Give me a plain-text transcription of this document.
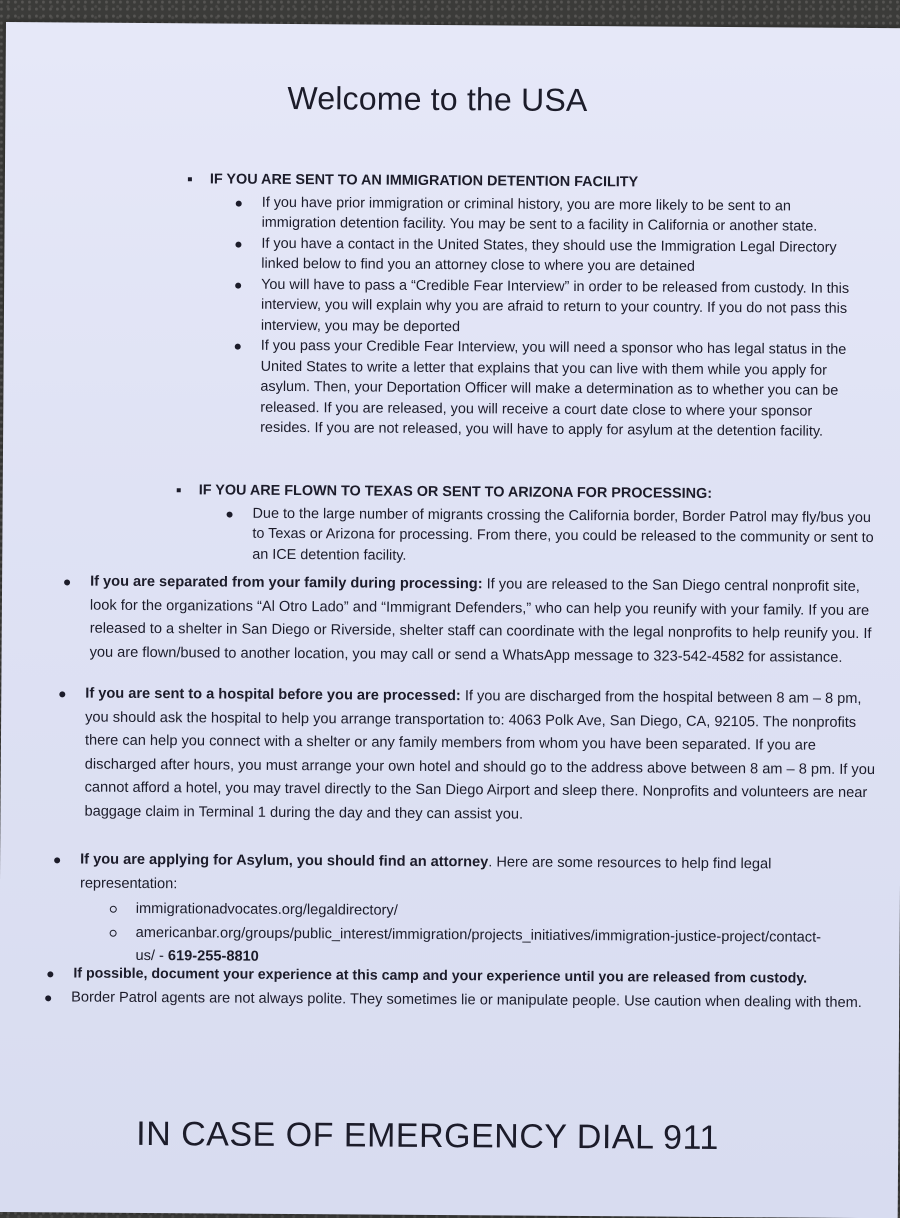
Welcome to the USA
IF YOU ARE SENT TO AN IMMIGRATION DETENTION FACILITY
If you have prior immigration or criminal history, you are more likely to be sent to an immigration detention facility. You may be sent to a facility in California or another state.
If you have a contact in the United States, they should use the Immigration Legal Directory linked below to find you an attorney close to where you are detained
You will have to pass a “Credible Fear Interview” in order to be released from custody. In this interview, you will explain why you are afraid to return to your country. If you do not pass this interview, you may be deported
If you pass your Credible Fear Interview, you will need a sponsor who has legal status in the United States to write a letter that explains that you can live with them while you apply for asylum. Then, your Deportation Officer will make a determination as to whether you can be released. If you are released, you will receive a court date close to where your sponsor resides. If you are not released, you will have to apply for asylum at the detention facility.
IF YOU ARE FLOWN TO TEXAS OR SENT TO ARIZONA FOR PROCESSING:
Due to the large number of migrants crossing the California border, Border Patrol may fly/bus you to Texas or Arizona for processing. From there, you could be released to the community or sent to an ICE detention facility.
If you are separated from your family during processing: If you are released to the San Diego central nonprofit site, look for the organizations “Al Otro Lado” and “Immigrant Defenders,” who can help you reunify with your family. If you are released to a shelter in San Diego or Riverside, shelter staff can coordinate with the legal nonprofits to help reunify you. If you are flown/bused to another location, you may call or send a WhatsApp message to 323-542-4582 for assistance.
If you are sent to a hospital before you are processed: If you are discharged from the hospital between 8 am – 8 pm, you should ask the hospital to help you arrange transportation to: 4063 Polk Ave, San Diego, CA, 92105. The nonprofits there can help you connect with a shelter or any family members from whom you have been separated. If you are discharged after hours, you must arrange your own hotel and should go to the address above between 8 am – 8 pm. If you cannot afford a hotel, you may travel directly to the San Diego Airport and sleep there. Nonprofits and volunteers are near baggage claim in Terminal 1 during the day and they can assist you.
If you are applying for Asylum, you should find an attorney. Here are some resources to help find legal representation:
immigrationadvocates.org/legaldirectory/
americanbar.org/groups/public_interest/immigration/projects_initiatives/immigration-justice-project/contact-us/ - 619-255-8810
If possible, document your experience at this camp and your experience until you are released from custody.
Border Patrol agents are not always polite. They sometimes lie or manipulate people. Use caution when dealing with them.
IN CASE OF EMERGENCY DIAL 911
